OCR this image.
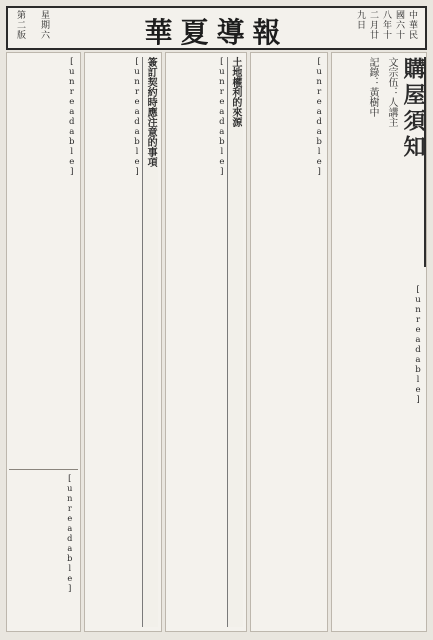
華夏導報	中華民國六十八年十二月廿九日
第二版 星期六
購屋須知
文宗伍：人講主
記錄：黃樹中
[unreadable]
[unreadable]
土地權利的來源
[unreadable]
簽訂契約時應注意的事項
[unreadable]
[unreadable]
[unreadable]
